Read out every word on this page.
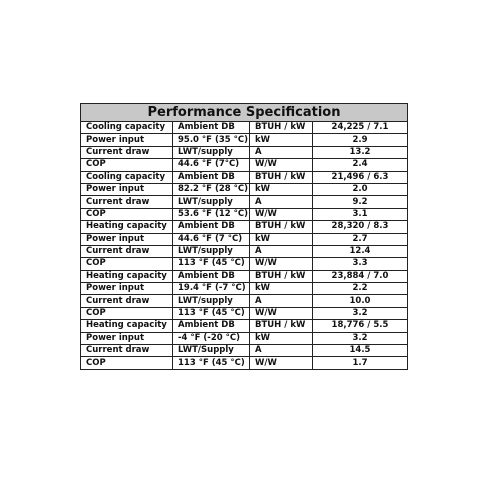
Performance Specification			
Cooling capacity	Ambient DB	BTUH / kW	24,225 / 7.1
Power input	95.0 °F (35 °C)	kW	2.9
Current draw	LWT/supply	A	13.2
COP	44.6 °F (7°C)	W/W	2.4
Cooling capacity	Ambient DB	BTUH / kW	21,496 / 6.3
Power input	82.2 °F (28 °C)	kW	2.0
Current draw	LWT/supply	A	9.2
COP	53.6 °F (12 °C)	W/W	3.1
Heating capacity	Ambient DB	BTUH / kW	28,320 / 8.3
Power input	44.6 °F (7 °C)	kW	2.7
Current draw	LWT/supply	A	12.4
COP	113 °F (45 °C)	W/W	3.3
Heating capacity	Ambient DB	BTUH / kW	23,884 / 7.0
Power input	19.4 °F (-7 °C)	kW	2.2
Current draw	LWT/supply	A	10.0
COP	113 °F (45 °C)	W/W	3.2
Heating capacity	Ambient DB	BTUH / kW	18,776 / 5.5
Power input	-4 °F (-20 °C)	kW	3.2
Current draw	LWT/Supply	A	14.5
COP	113 °F (45 °C)	W/W	1.7
